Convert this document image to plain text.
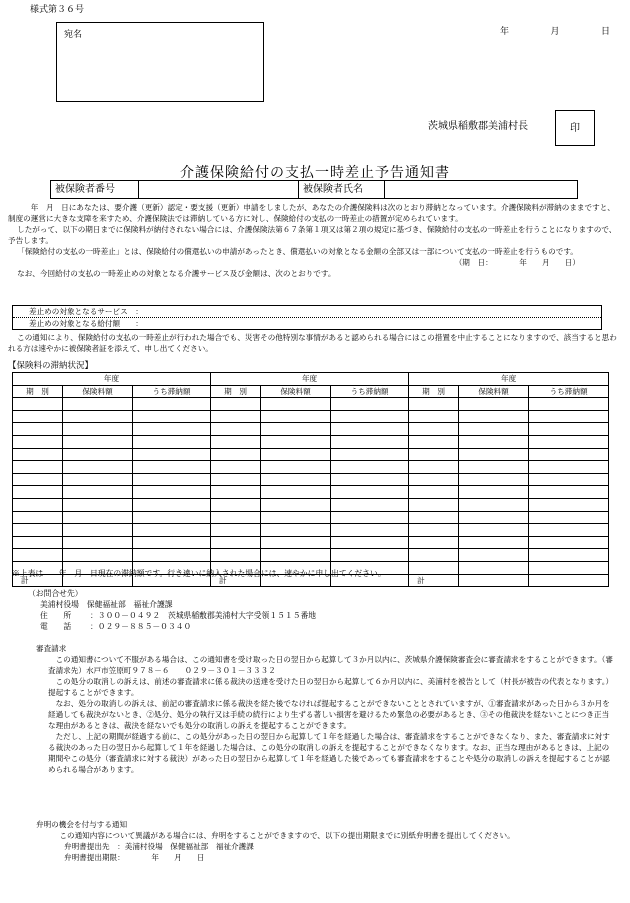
様式第３６号
宛名	年	月	日
茨城県稲敷郡美浦村長	印
介護保険給付の支払一時差止予告通知書
被保険者番号	被保険者氏名

年　月　日にあなたは、要介護（更新）認定・要支援（更新）申請をしましたが、あなたの介護保険料は次のとおり滞納となっています。介護保険料が滞納のままですと、制度の運営に大きな支障を来すため、介護保険法では滞納している方に対し、保険給付の支払の一時差止の措置が定められています。

したがって、以下の期日までに保険料が納付されない場合には、介護保険法第６７条第１項又は第２項の規定に基づき、保険給付の支払の一時差止を行うことになりますので、予告します。

「保険給付の支払の一時差止」とは、保険給付の償還払いの申請があったとき、償還払いの対象となる金額の全部又は一部について支払の一時差止を行うものです。
（期　日：　　　　年　　月　　日）

なお、今回給付の支払の一時差止めの対象となる介護サービス及び金額は、次のとおりです。

差止めの対象となるサービス　：
差止めの対象となる給付額　　：

この通知により、保険給付の支払の一時差止が行われた場合でも、災害その他特別な事情があると認められる場合にはこの措置を中止することになりますので、該当すると思われる方は速やかに被保険者証を添えて、申し出てください。

【保険料の滞納状況】
年度			年度			年度		
期　別	保険料額	うち滞納額	期　別	保険料額	うち滞納額	期　別	保険料額	うち滞納額

計			計			計		
※上表は　　年　月　日現在の滞納額です。行き違いに納入された場合には、速やかに申し出てください。
（お問合せ先）
美浦村役場　保健福祉部　福祉介護課
住　　所	：３００－０４９２　茨城県稲敷郡美浦村大字受領１５１５番地
電　　話	：０２９－８８５－０３４０

審査請求

この通知書について不服がある場合は、この通知書を受け取った日の翌日から起算して３か月以内に、茨城県介護保険審査会に審査請求をすることができます。（審査請求先）水戸市笠原町９７８－６　　０２９－３０１－３３３２

この処分の取消しの訴えは、前述の審査請求に係る裁決の送達を受けた日の翌日から起算して６か月以内に、美浦村を被告として（村長が被告の代表となります。）提起することができます。

なお、処分の取消しの訴えは、前記の審査請求に係る裁決を経た後でなければ提起することができないこととされていますが、①審査請求があった日から３か月を経過しても裁決がないとき、②処分、処分の執行又は手続の続行により生ずる著しい損害を避けるため緊急の必要があるとき、③その他裁決を経ないことにつき正当な理由があるときは、裁決を経ないでも処分の取消しの訴えを提起することができます。

ただし、上記の期間が経過する前に、この処分があった日の翌日から起算して１年を経過した場合は、審査請求をすることができなくなり、また、審査請求に対する裁決のあった日の翌日から起算して１年を経過した場合は、この処分の取消しの訴えを提起することができなくなります。なお、正当な理由があるときは、上記の期間やこの処分（審査請求に対する裁決）があった日の翌日から起算して１年を経過した後であっても審査請求をすることや処分の取消しの訴えを提起することが認められる場合があります。

弁明の機会を付与する通知

この通知内容について異議がある場合には、弁明をすることができますので、以下の提出期限までに別紙弁明書を提出してください。

弁明書提出先　：美浦村役場　保健福祉部　福祉介護課

弁明書提出期限：　　　　年　　月　　日
